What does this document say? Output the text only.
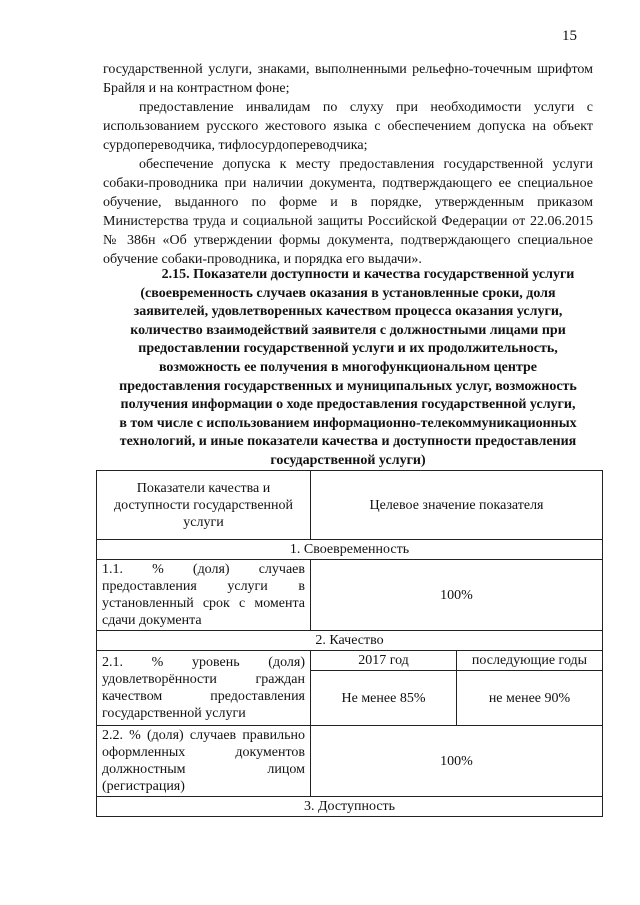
15

государственной услуги, знаками, выполненными рельефно-точечным шрифтом Брайля и на контрастном фоне;

предоставление инвалидам по слуху при необходимости услуги с использованием русского жестового языка с обеспечением допуска на объект сурдопереводчика, тифлосурдопереводчика;

обеспечение допуска к месту предоставления государственной услуги собаки-проводника при наличии документа, подтверждающего ее специальное обучение, выданного по форме и в порядке, утвержденным приказом Министерства труда и социальной защиты Российской Федерации от 22.06.2015 № 386н «Об утверждении формы документа, подтверждающего специальное обучение собаки-проводника, и порядка его выдачи».

2.15. Показатели доступности и качества государственной услуги
(своевременность случаев оказания в установленные сроки, доля
заявителей, удовлетворенных качеством процесса оказания услуги,
количество взаимодействий заявителя с должностными лицами при
предоставлении государственной услуги и их продолжительность,
возможность ее получения в многофункциональном центре
предоставления государственных и муниципальных услуг, возможность
получения информации о ходе предоставления государственной услуги,
в том числе с использованием информационно-телекоммуникационных
технологий, и иные показатели качества и доступности предоставления
государственной услуги)
Показатели качества и доступности государственной услуги	Целевое значение показателя	
1. Своевременность		
1.1. % (доля) случаев предоставления услуги в установленный срок с момента сдачи документа	100%	
2. Качество		
2.1. % уровень (доля) удовлетворённости граждан качеством предоставления государственной услуги	2017 год	последующие годы
	Не менее 85%	не менее 90%
2.2. % (доля) случаев правильно оформленных документов должностным лицом (регистрация)	100%	
3. Доступность		
